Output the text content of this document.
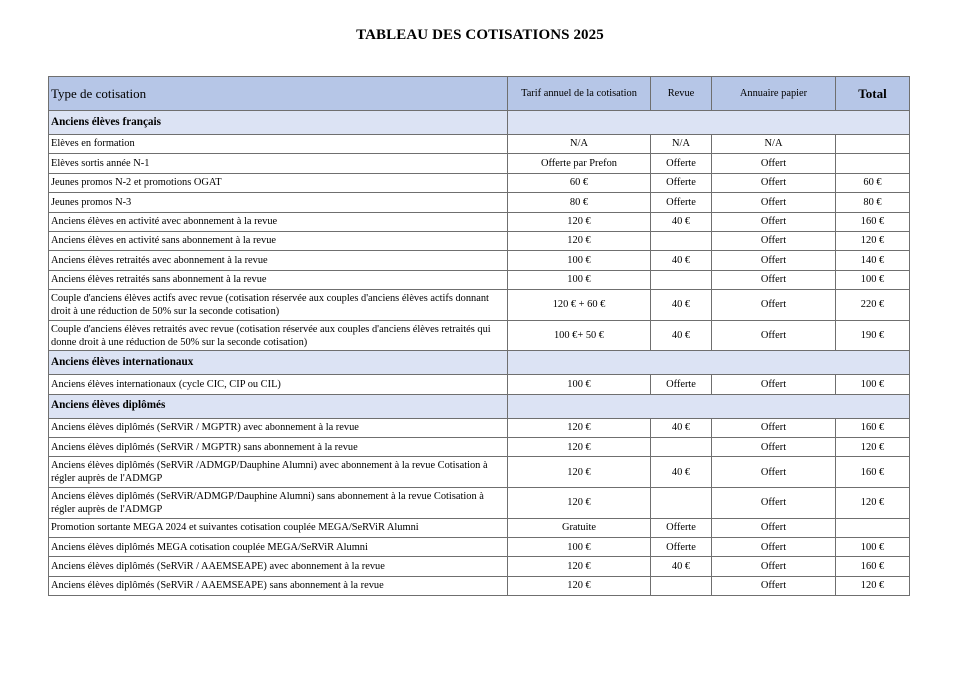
TABLEAU DES COTISATIONS 2025
Type de cotisation	Tarif annuel de la cotisation	Revue	Annuaire papier	Total
Anciens élèves français				
Elèves en formation	N/A	N/A	N/A	
Elèves sortis année N-1	Offerte par Prefon	Offerte	Offert	
Jeunes promos N-2 et promotions OGAT	60 €	Offerte	Offert	60 €
Jeunes promos N-3	80 €	Offerte	Offert	80 €
Anciens élèves en activité avec abonnement à la revue	120 €	40 €	Offert	160 €
Anciens élèves en activité sans abonnement à la revue	120 €		Offert	120 €
Anciens élèves retraités avec abonnement à la revue	100 €	40 €	Offert	140 €
Anciens élèves retraités sans abonnement à la revue	100 €		Offert	100 €
Couple d'anciens élèves actifs avec revue (cotisation réservée aux couples d'anciens élèves actifs donnant droit à une réduction de 50% sur la seconde cotisation)	120 € + 60 €	40 €	Offert	220 €
Couple d'anciens élèves retraités avec revue (cotisation réservée aux couples d'anciens élèves retraités qui donne droit à une réduction de 50% sur la seconde cotisation)	100 €+ 50 €	40 €	Offert	190 €
Anciens élèves internationaux				
Anciens élèves internationaux (cycle CIC, CIP ou CIL)	100 €	Offerte	Offert	100 €
Anciens élèves diplômés				
Anciens élèves diplômés (SeRViR / MGPTR) avec abonnement à la revue	120 €	40 €	Offert	160 €
Anciens élèves diplômés (SeRViR / MGPTR) sans abonnement à la revue	120 €		Offert	120 €
Anciens élèves diplômés (SeRViR /ADMGP/Dauphine Alumni) avec abonnement à la revue Cotisation à régler auprès de l'ADMGP	120 €	40 €	Offert	160 €
Anciens élèves diplômés (SeRViR/ADMGP/Dauphine Alumni) sans abonnement à la revue Cotisation à régler auprès de l'ADMGP	120 €		Offert	120 €
Promotion sortante MEGA 2024 et suivantes cotisation couplée MEGA/SeRViR Alumni	Gratuite	Offerte	Offert	
Anciens élèves diplômés MEGA cotisation couplée MEGA/SeRViR Alumni	100 €	Offerte	Offert	100 €
Anciens élèves diplômés (SeRViR / AAEMSEAPE) avec abonnement à la revue	120 €	40 €	Offert	160 €
Anciens élèves diplômés (SeRViR / AAEMSEAPE) sans abonnement à la revue	120 €		Offert	120 €
